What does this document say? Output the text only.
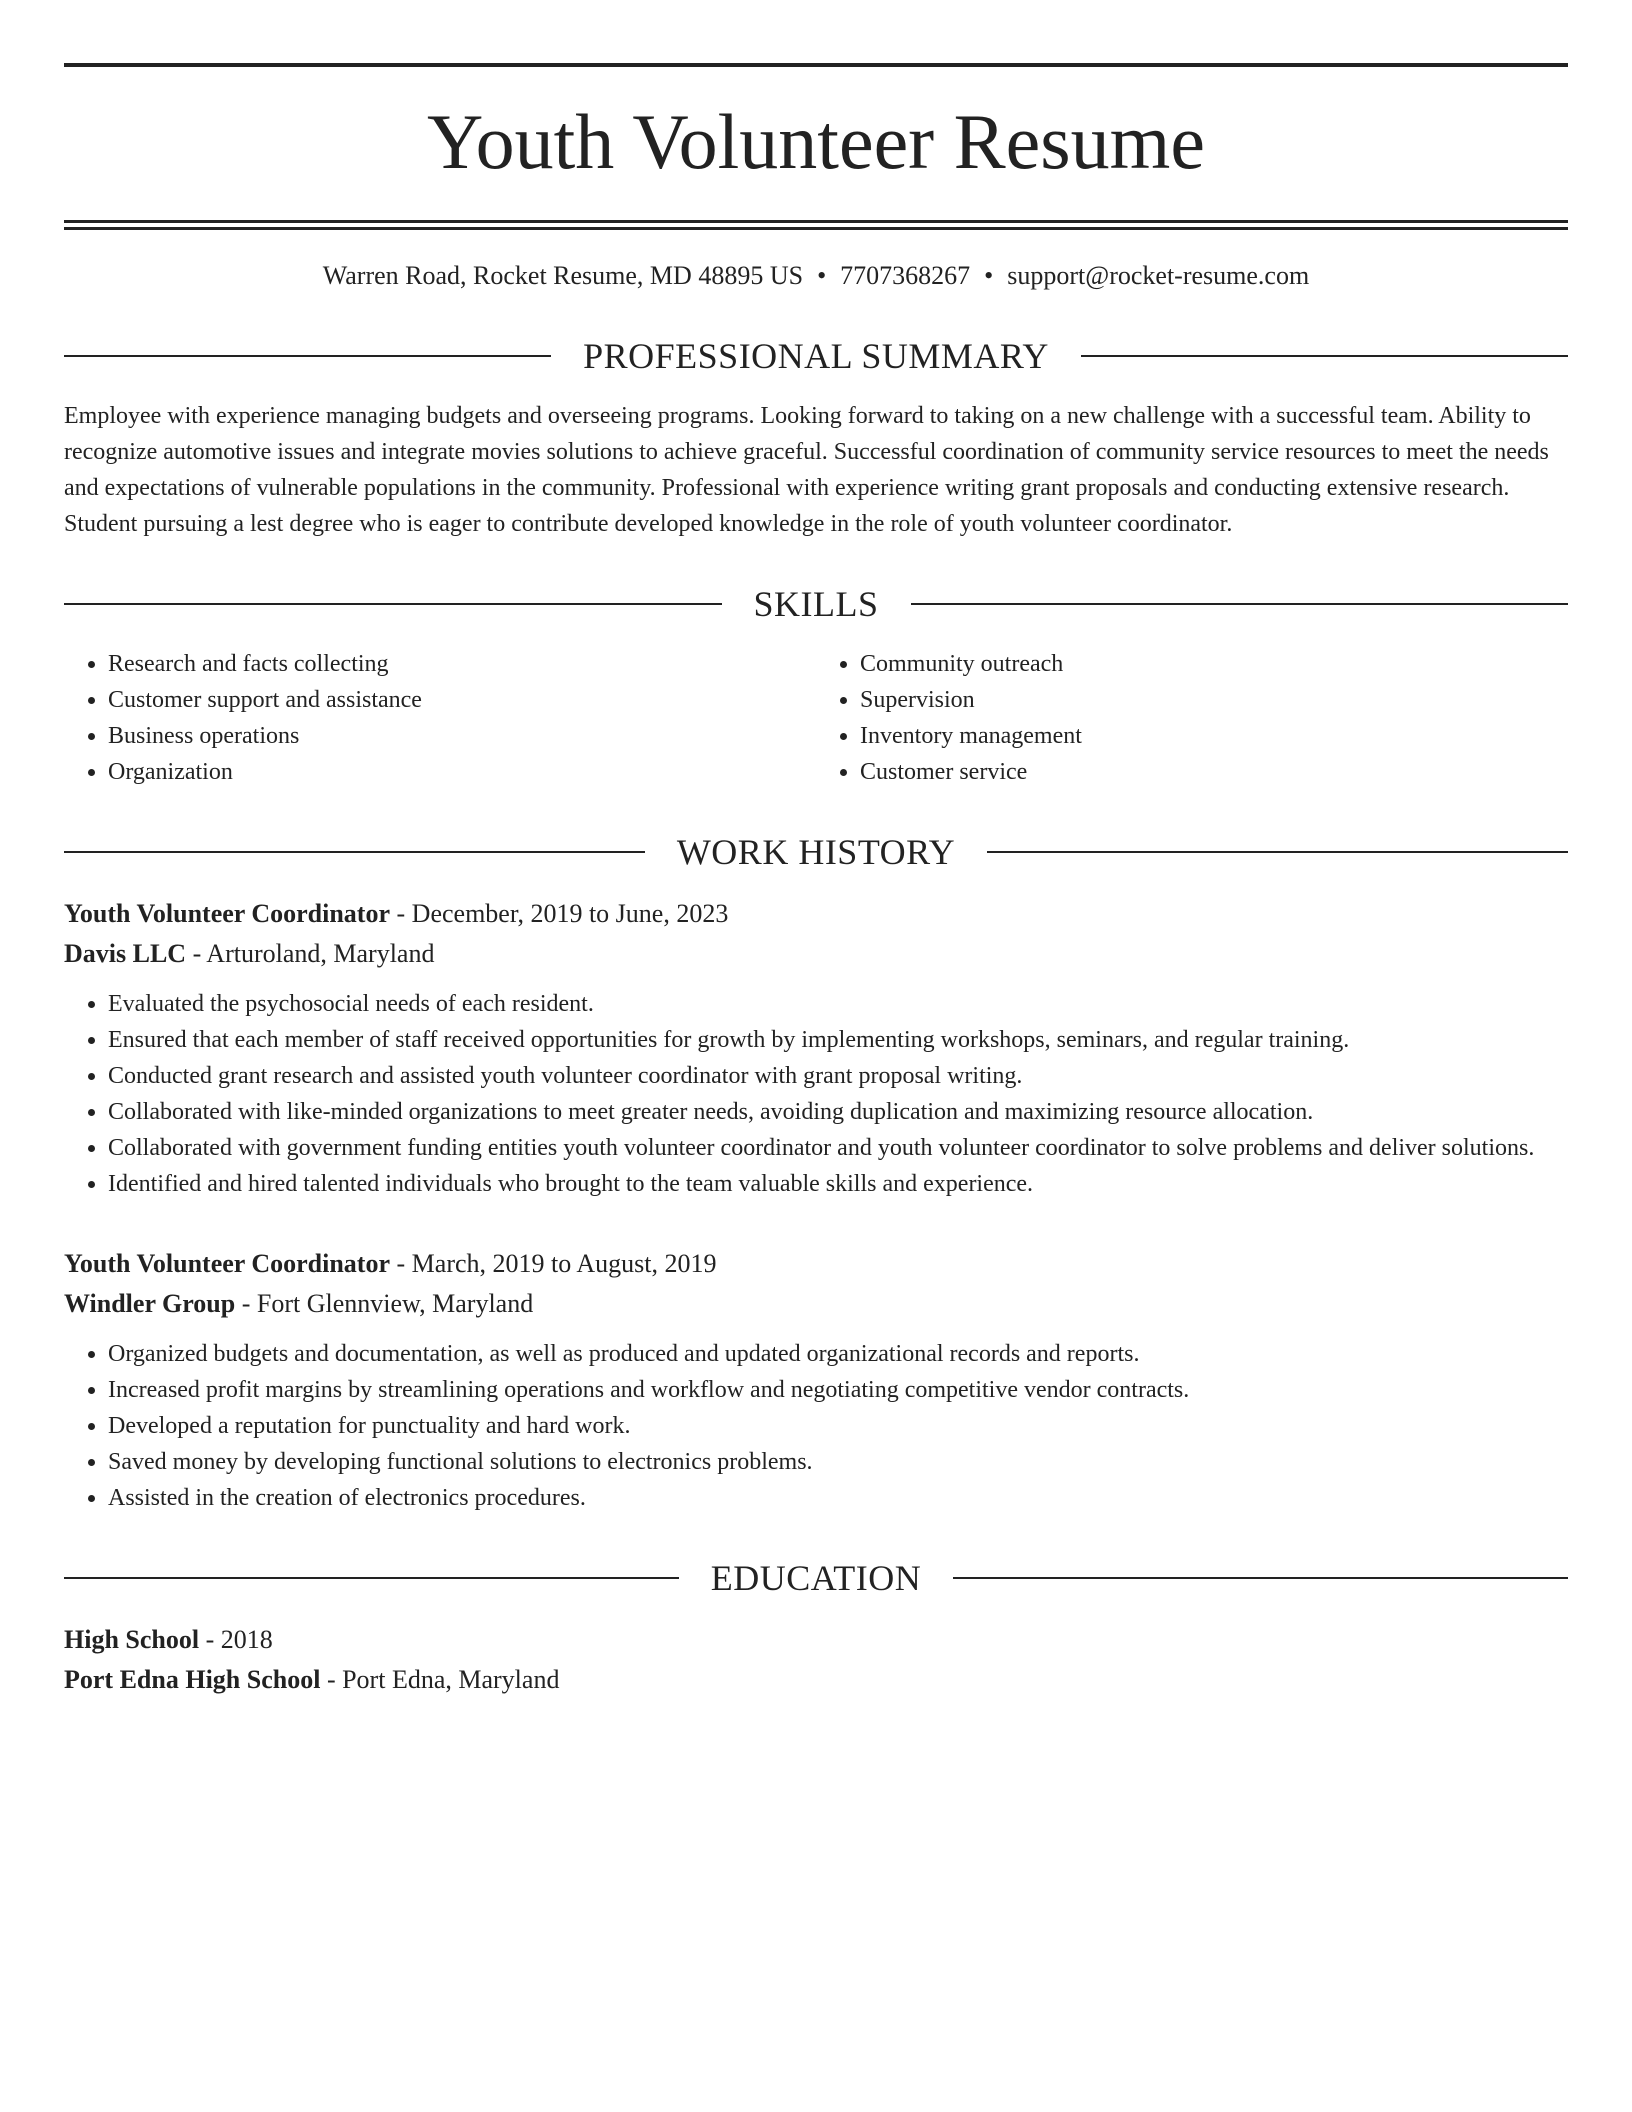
Youth Volunteer Resume
Warren Road, Rocket Resume, MD 48895 US • 7707368267 • support@rocket-resume.com
PROFESSIONAL SUMMARY
Employee with experience managing budgets and overseeing programs. Looking forward to taking on a new challenge with a successful team. Ability to recognize automotive issues and integrate movies solutions to achieve graceful. Successful coordination of community service resources to meet the needs and expectations of vulnerable populations in the community. Professional with experience writing grant proposals and conducting extensive research. Student pursuing a lest degree who is eager to contribute developed knowledge in the role of youth volunteer coordinator.
SKILLS
• Research and facts collecting
• Customer support and assistance
• Business operations
• Organization
• Community outreach
• Supervision
• Inventory management
• Customer service
WORK HISTORY
Youth Volunteer Coordinator - December, 2019 to June, 2023
Davis LLC - Arturoland, Maryland
• Evaluated the psychosocial needs of each resident.
• Ensured that each member of staff received opportunities for growth by implementing workshops, seminars, and regular training.
• Conducted grant research and assisted youth volunteer coordinator with grant proposal writing.
• Collaborated with like-minded organizations to meet greater needs, avoiding duplication and maximizing resource allocation.
• Collaborated with government funding entities youth volunteer coordinator and youth volunteer coordinator to solve problems and deliver solutions.
• Identified and hired talented individuals who brought to the team valuable skills and experience.
Youth Volunteer Coordinator - March, 2019 to August, 2019
Windler Group - Fort Glennview, Maryland
• Organized budgets and documentation, as well as produced and updated organizational records and reports.
• Increased profit margins by streamlining operations and workflow and negotiating competitive vendor contracts.
• Developed a reputation for punctuality and hard work.
• Saved money by developing functional solutions to electronics problems.
• Assisted in the creation of electronics procedures.
EDUCATION
High School - 2018
Port Edna High School - Port Edna, Maryland
